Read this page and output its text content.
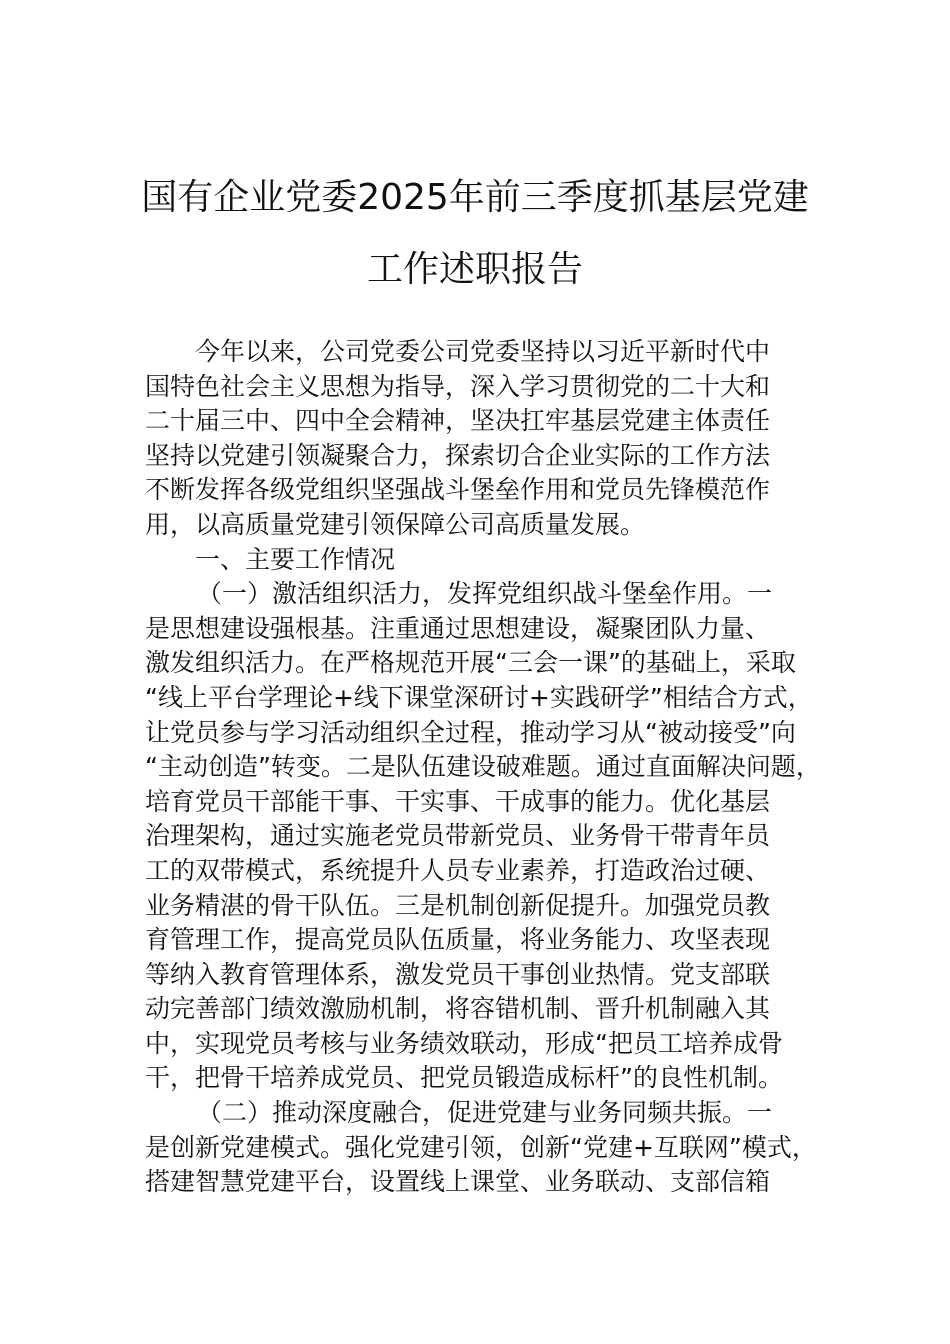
国有企业党委2025年前三季度抓基层党建
工作述职报告
今年以来，公司党委公司党委坚持以习近平新时代中
国特色社会主义思想为指导，深入学习贯彻党的二十大和
二十届三中、四中全会精神，坚决扛牢基层党建主体责任
坚持以党建引领凝聚合力，探索切合企业实际的工作方法
不断发挥各级党组织坚强战斗堡垒作用和党员先锋模范作
用，以高质量党建引领保障公司高质量发展。
一、主要工作情况
（一）激活组织活力，发挥党组织战斗堡垒作用。一
是思想建设强根基。注重通过思想建设，凝聚团队力量、
激发组织活力。在严格规范开展“三会一课”的基础上，采取
“线上平台学理论+线下课堂深研讨+实践研学”相结合方式，
让党员参与学习活动组织全过程，推动学习从“被动接受”向
“主动创造”转变。二是队伍建设破难题。通过直面解决问题，
培育党员干部能干事、干实事、干成事的能力。优化基层
治理架构，通过实施老党员带新党员、业务骨干带青年员
工的双带模式，系统提升人员专业素养，打造政治过硬、
业务精湛的骨干队伍。三是机制创新促提升。加强党员教
育管理工作，提高党员队伍质量，将业务能力、攻坚表现
等纳入教育管理体系，激发党员干事创业热情。党支部联
动完善部门绩效激励机制，将容错机制、晋升机制融入其
中，实现党员考核与业务绩效联动，形成“把员工培养成骨
干，把骨干培养成党员、把党员锻造成标杆”的良性机制。
（二）推动深度融合，促进党建与业务同频共振。一
是创新党建模式。强化党建引领，创新“党建+互联网”模式，
搭建智慧党建平台，设置线上课堂、业务联动、支部信箱
